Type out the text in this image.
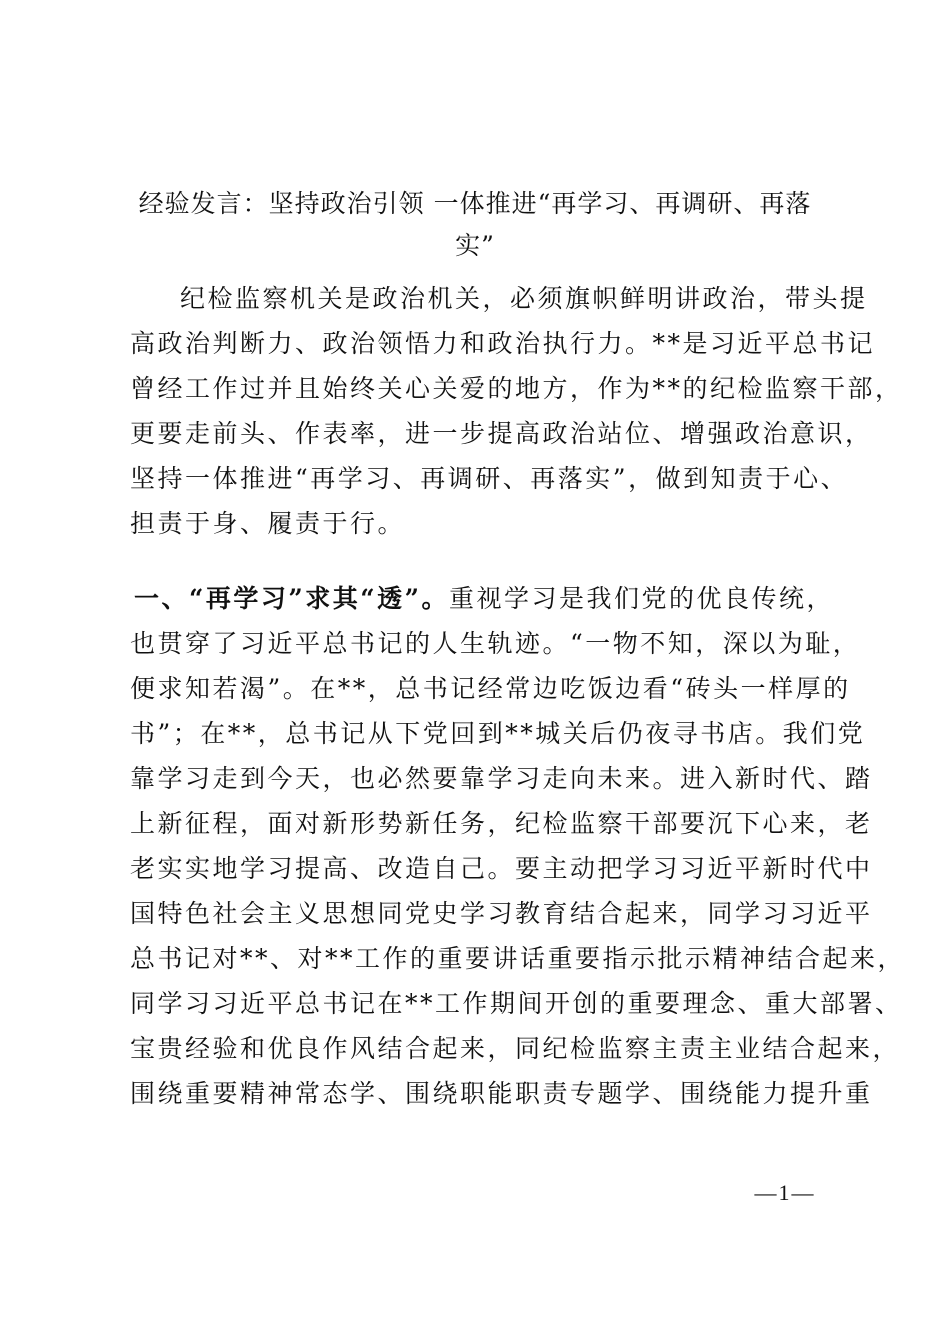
经验发言：坚持政治引领 一体推进“再学习、再调研、再落
实”
纪检监察机关是政治机关，必须旗帜鲜明讲政治，带头提
高政治判断力、政治领悟力和政治执行力。**是习近平总书记
曾经工作过并且始终关心关爱的地方，作为**的纪检监察干部，
更要走前头、作表率，进一步提高政治站位、增强政治意识，
坚持一体推进“再学习、再调研、再落实”，做到知责于心、
担责于身、履责于行。
一、“再学习”求其“透”。重视学习是我们党的优良传统，
也贯穿了习近平总书记的人生轨迹。“一物不知，深以为耻，
便求知若渴”。在**，总书记经常边吃饭边看“砖头一样厚的
书”；在**，总书记从下党回到**城关后仍夜寻书店。我们党
靠学习走到今天，也必然要靠学习走向未来。进入新时代、踏
上新征程，面对新形势新任务，纪检监察干部要沉下心来，老
老实实地学习提高、改造自己。要主动把学习习近平新时代中
国特色社会主义思想同党史学习教育结合起来，同学习习近平
总书记对**、对**工作的重要讲话重要指示批示精神结合起来，
同学习习近平总书记在**工作期间开创的重要理念、重大部署、
宝贵经验和优良作风结合起来，同纪检监察主责主业结合起来，
围绕重要精神常态学、围绕职能职责专题学、围绕能力提升重
—1—
